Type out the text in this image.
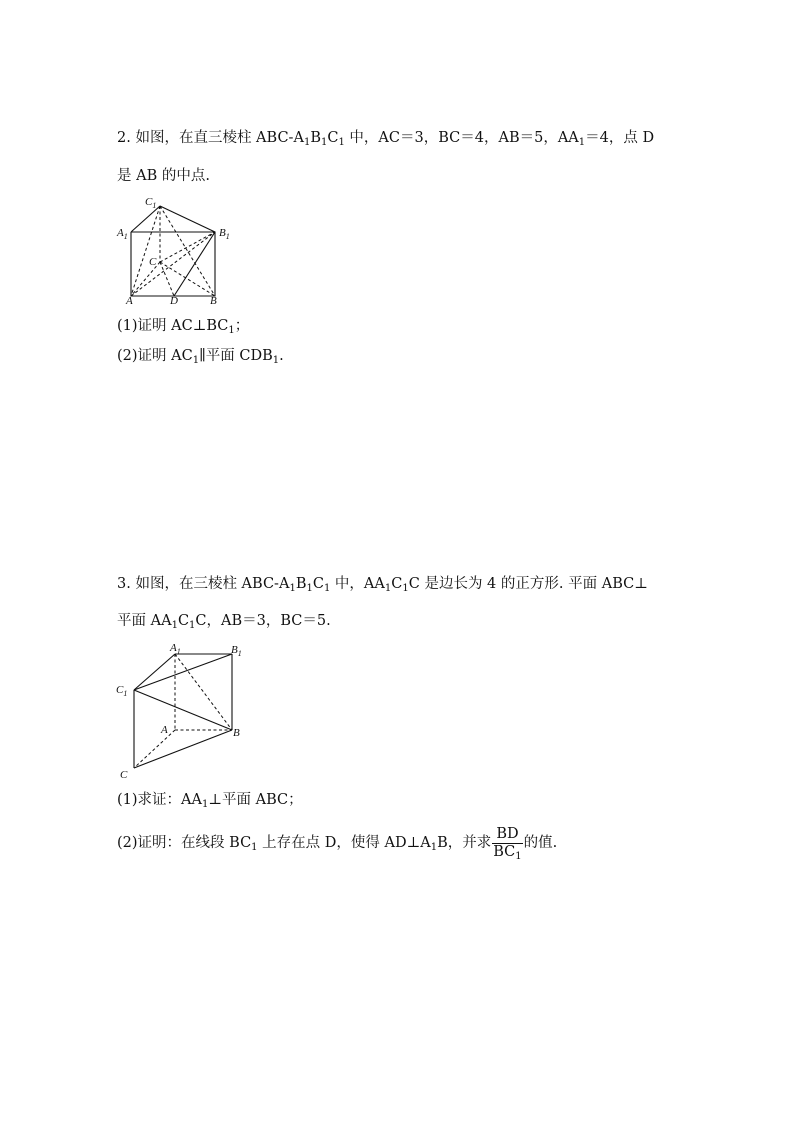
2. 如图，在直三棱柱 ABC-$A_1B_1C_1$ 中，AC＝3，BC＝4，AB＝5，$AA_1=4$，点 D
是 AB 的中点.
$C_1$
$A_1$	$B_1$
C
A	D	B
(1)证明 $AC\perp BC_1$；
(2)证明 $AC_1\parallel$平面 $CDB_1$.
3. 如图，在三棱柱 ABC-$A_1B_1C_1$ 中，$AA_1C_1C$ 是边长为 4 的正方形. 平面 ABC⊥
平面 $AA_1C_1C$，AB＝3，BC＝5.
$A_1$	$B_1$
$C_1$
A	B
C
(1)求证：$AA_1\perp$平面 ABC；
(2)证明：在线段 $BC_1$ 上存在点 D，使得 $AD\perp A_1B$，并求 $\frac{BD}{BC_1}$ 的值.
